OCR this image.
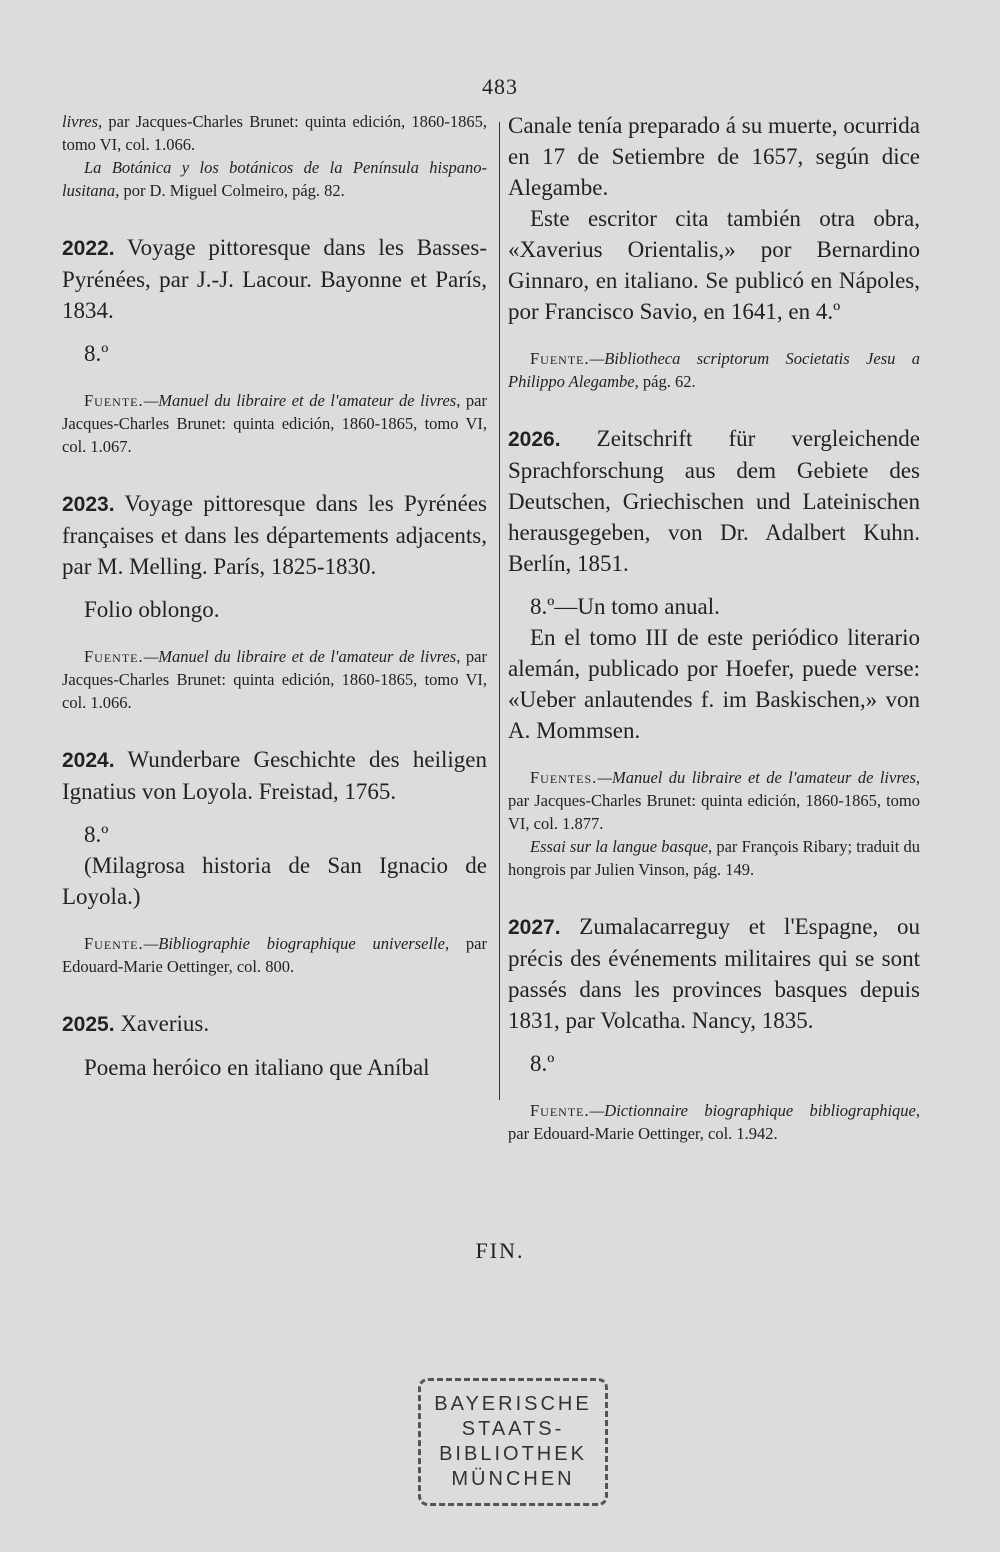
483

livres, par Jacques-Charles Brunet: quinta edición, 1860-1865, tomo VI, col. 1.066.

La Botánica y los botánicos de la Península hispano-lusitana, por D. Miguel Colmeiro, pág. 82.

2022. Voyage pittoresque dans les Basses-Pyrénées, par J.-J. Lacour. Bayonne et París, 1834.

8.º

Fuente.—Manuel du libraire et de l'amateur de livres, par Jacques-Charles Brunet: quinta edición, 1860-1865, tomo VI, col. 1.067.

2023. Voyage pittoresque dans les Pyrénées françaises et dans les départements adjacents, par M. Melling. París, 1825-1830.

Folio oblongo.

Fuente.—Manuel du libraire et de l'amateur de livres, par Jacques-Charles Brunet: quinta edición, 1860-1865, tomo VI, col. 1.066.

2024. Wunderbare Geschichte des heiligen Ignatius von Loyola. Freistad, 1765.

8.º

(Milagrosa historia de San Ignacio de Loyola.)

Fuente.—Bibliographie biographique universelle, par Edouard-Marie Oettinger, col. 800.

2025. Xaverius.

Poema heróico en italiano que Aníbal

Canale tenía preparado á su muerte, ocurrida en 17 de Setiembre de 1657, según dice Alegambe.

Este escritor cita también otra obra, «Xaverius Orientalis,» por Bernardino Ginnaro, en italiano. Se publicó en Nápoles, por Francisco Savio, en 1641, en 4.º

Fuente.—Bibliotheca scriptorum Societatis Jesu a Philippo Alegambe, pág. 62.

2026. Zeitschrift für vergleichende Sprachforschung aus dem Gebiete des Deutschen, Griechischen und Lateinischen herausgegeben, von Dr. Adalbert Kuhn. Berlín, 1851.

8.º—Un tomo anual.

En el tomo III de este periódico literario alemán, publicado por Hoefer, puede verse: «Ueber anlautendes f. im Baskischen,» von A. Mommsen.

Fuentes.—Manuel du libraire et de l'amateur de livres, par Jacques-Charles Brunet: quinta edición, 1860-1865, tomo VI, col. 1.877.

Essai sur la langue basque, par François Ribary; traduit du hongrois par Julien Vinson, pág. 149.

2027. Zumalacarreguy et l'Espagne, ou précis des événements militaires qui se sont passés dans les provinces basques depuis 1831, par Volcatha. Nancy, 1835.

8.º

Fuente.—Dictionnaire biographique bibliographique, par Edouard-Marie Oettinger, col. 1.942.

FIN.
BAYERISCHE
STAATS-
BIBLIOTHEK
MÜNCHEN
